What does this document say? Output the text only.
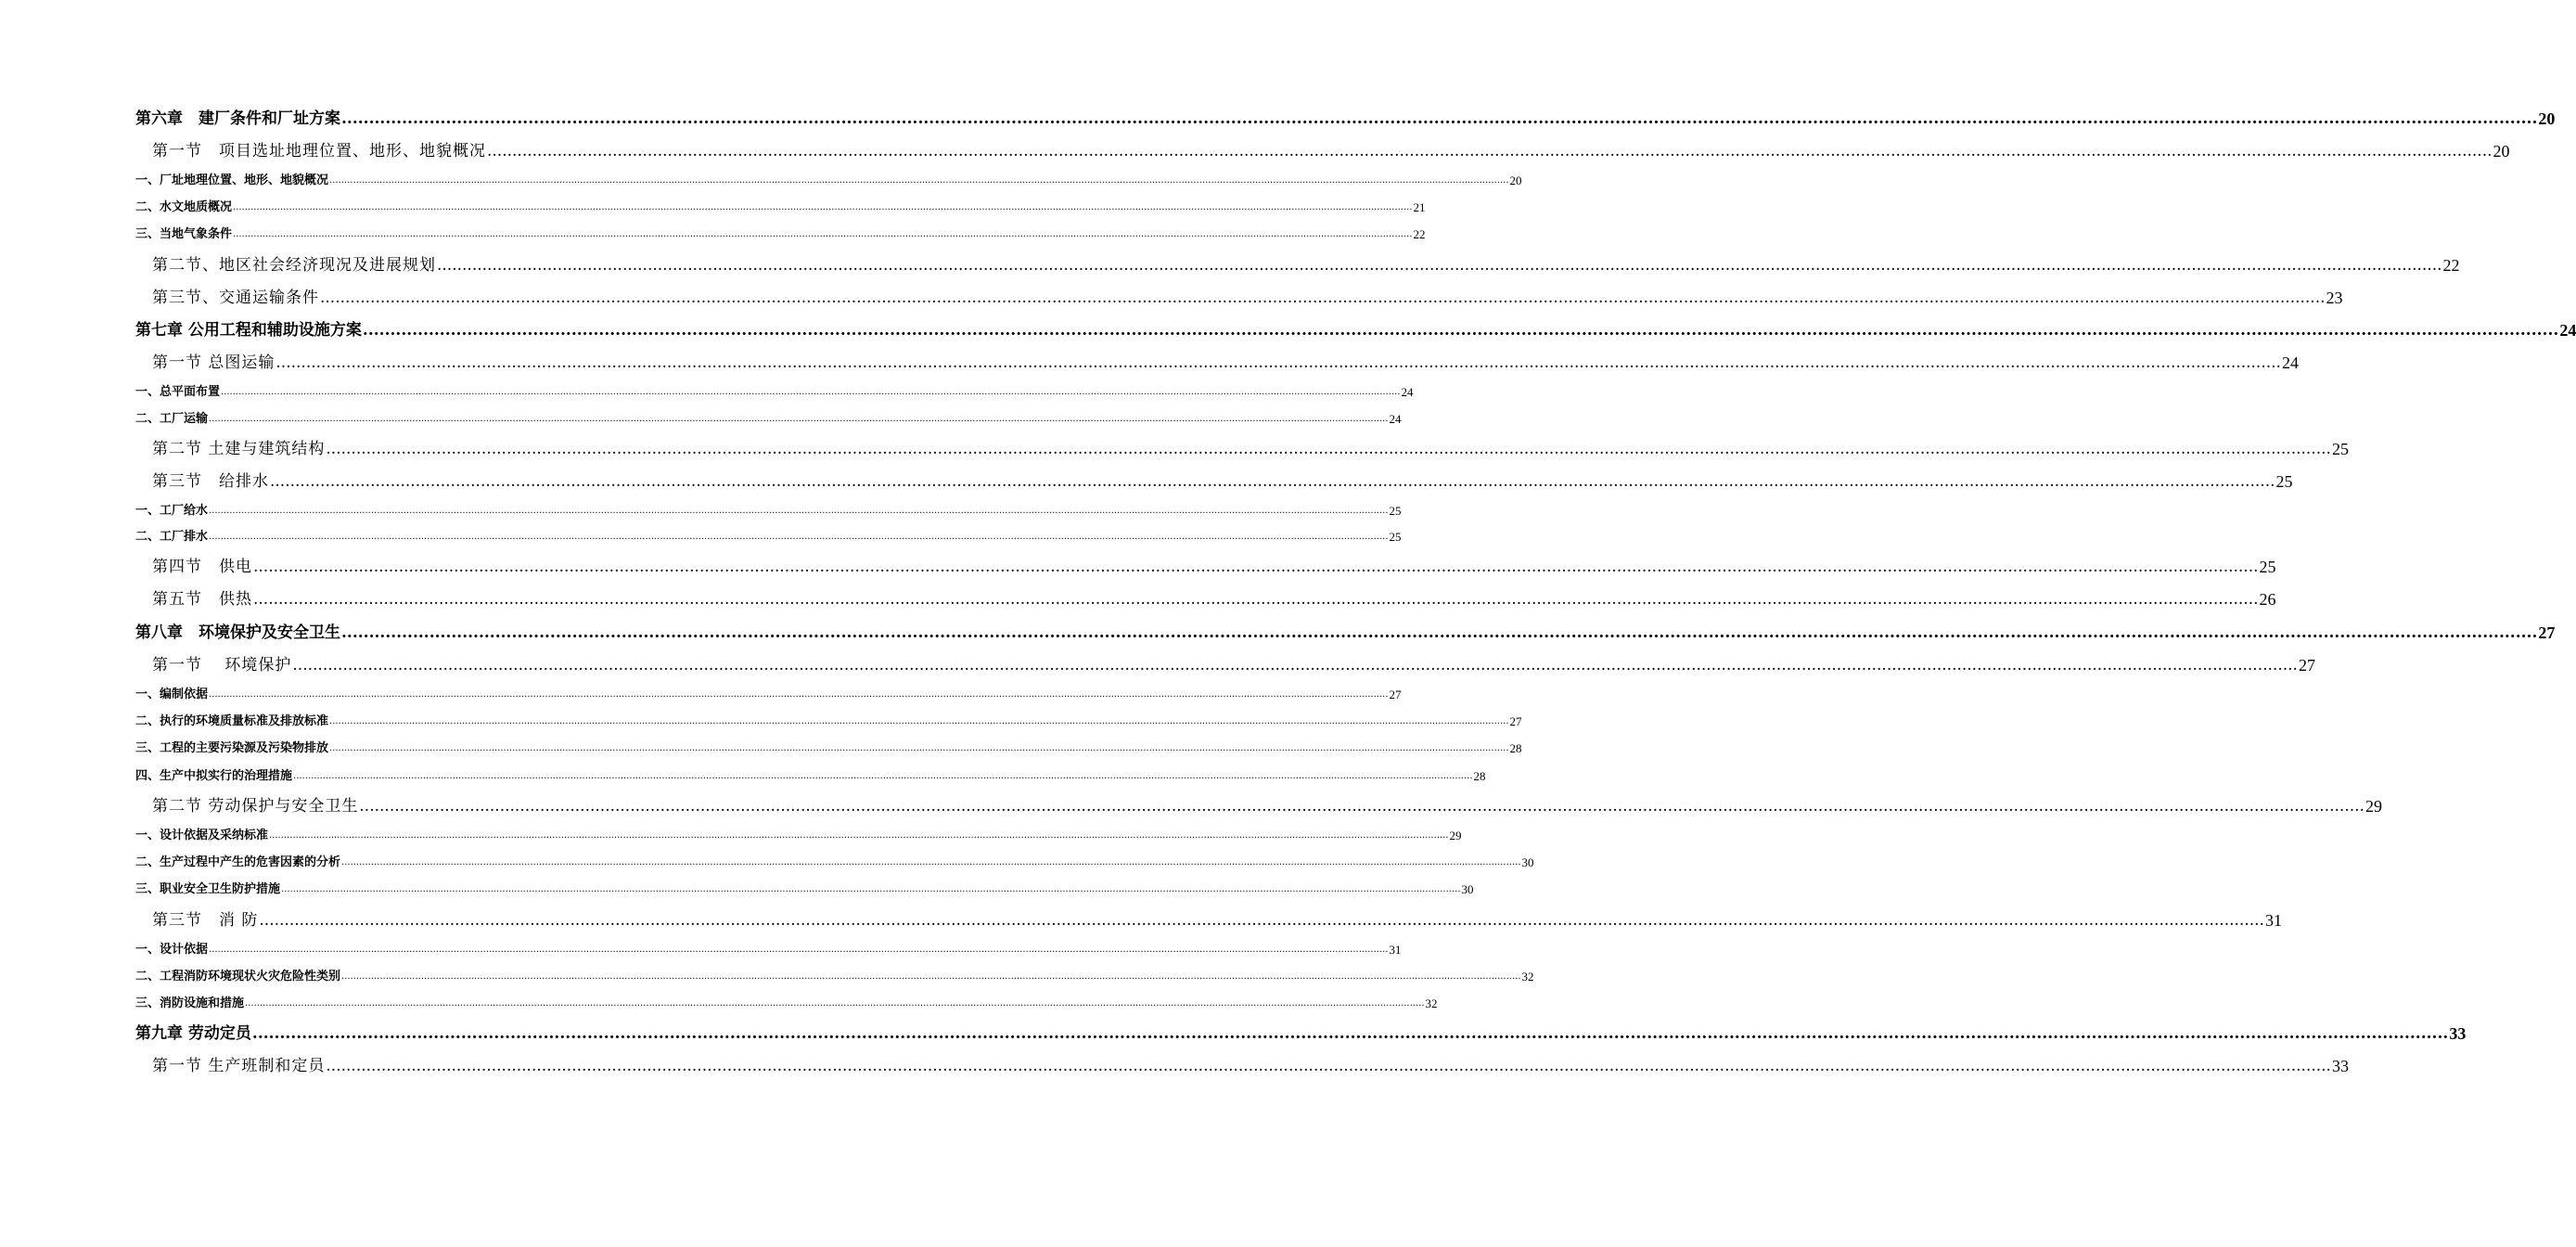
第六章　建厂条件和厂址方案 ................................................................................................................................................................................................................................................................................................................................................................................................................ 20
第一节　项目选址地理位置、地形、地貌概况 ................................................................................................................................................................................................................................................................................................................................................................................................................ 20
一、厂址地理位置、地形、地貌概况 ................................................................................................................................................................................................................................................................................................................................................................................................................ 20
二、水文地质概况 ................................................................................................................................................................................................................................................................................................................................................................................................................ 21
三、当地气象条件 ................................................................................................................................................................................................................................................................................................................................................................................................................ 22
第二节、地区社会经济现况及进展规划 ................................................................................................................................................................................................................................................................................................................................................................................................................ 22
第三节、交通运输条件 ................................................................................................................................................................................................................................................................................................................................................................................................................ 23
第七章 公用工程和辅助设施方案 ................................................................................................................................................................................................................................................................................................................................................................................................................ 24
第一节 总图运输 ................................................................................................................................................................................................................................................................................................................................................................................................................ 24
一、总平面布置 ................................................................................................................................................................................................................................................................................................................................................................................................................ 24
二、工厂运输 ................................................................................................................................................................................................................................................................................................................................................................................................................ 24
第二节 土建与建筑结构 ................................................................................................................................................................................................................................................................................................................................................................................................................ 25
第三节　给排水 ................................................................................................................................................................................................................................................................................................................................................................................................................ 25
一、工厂给水 ................................................................................................................................................................................................................................................................................................................................................................................................................ 25
二、工厂排水 ................................................................................................................................................................................................................................................................................................................................................................................................................ 25
第四节　供电 ................................................................................................................................................................................................................................................................................................................................................................................................................ 25
第五节　供热 ................................................................................................................................................................................................................................................................................................................................................................................................................ 26
第八章　环境保护及安全卫生 ................................................................................................................................................................................................................................................................................................................................................................................................................ 27
第一节　 环境保护 ................................................................................................................................................................................................................................................................................................................................................................................................................ 27
一、编制依据 ................................................................................................................................................................................................................................................................................................................................................................................................................ 27
二、执行的环境质量标准及排放标准 ................................................................................................................................................................................................................................................................................................................................................................................................................ 27
三、工程的主要污染源及污染物排放 ................................................................................................................................................................................................................................................................................................................................................................................................................ 28
四、生产中拟实行的治理措施 ................................................................................................................................................................................................................................................................................................................................................................................................................ 28
第二节 劳动保护与安全卫生 ................................................................................................................................................................................................................................................................................................................................................................................................................ 29
一、设计依据及采纳标准 ................................................................................................................................................................................................................................................................................................................................................................................................................ 29
二、生产过程中产生的危害因素的分析 ................................................................................................................................................................................................................................................................................................................................................................................................................ 30
三、职业安全卫生防护措施 ................................................................................................................................................................................................................................................................................................................................................................................................................ 30
第三节　消 防 ................................................................................................................................................................................................................................................................................................................................................................................................................ 31
一、设计依据 ................................................................................................................................................................................................................................................................................................................................................................................................................ 31
二、工程消防环境现状火灾危险性类别 ................................................................................................................................................................................................................................................................................................................................................................................................................ 32
三、消防设施和措施 ................................................................................................................................................................................................................................................................................................................................................................................................................ 32
第九章 劳动定员 ................................................................................................................................................................................................................................................................................................................................................................................................................ 33
第一节 生产班制和定员 ................................................................................................................................................................................................................................................................................................................................................................................................................ 33
